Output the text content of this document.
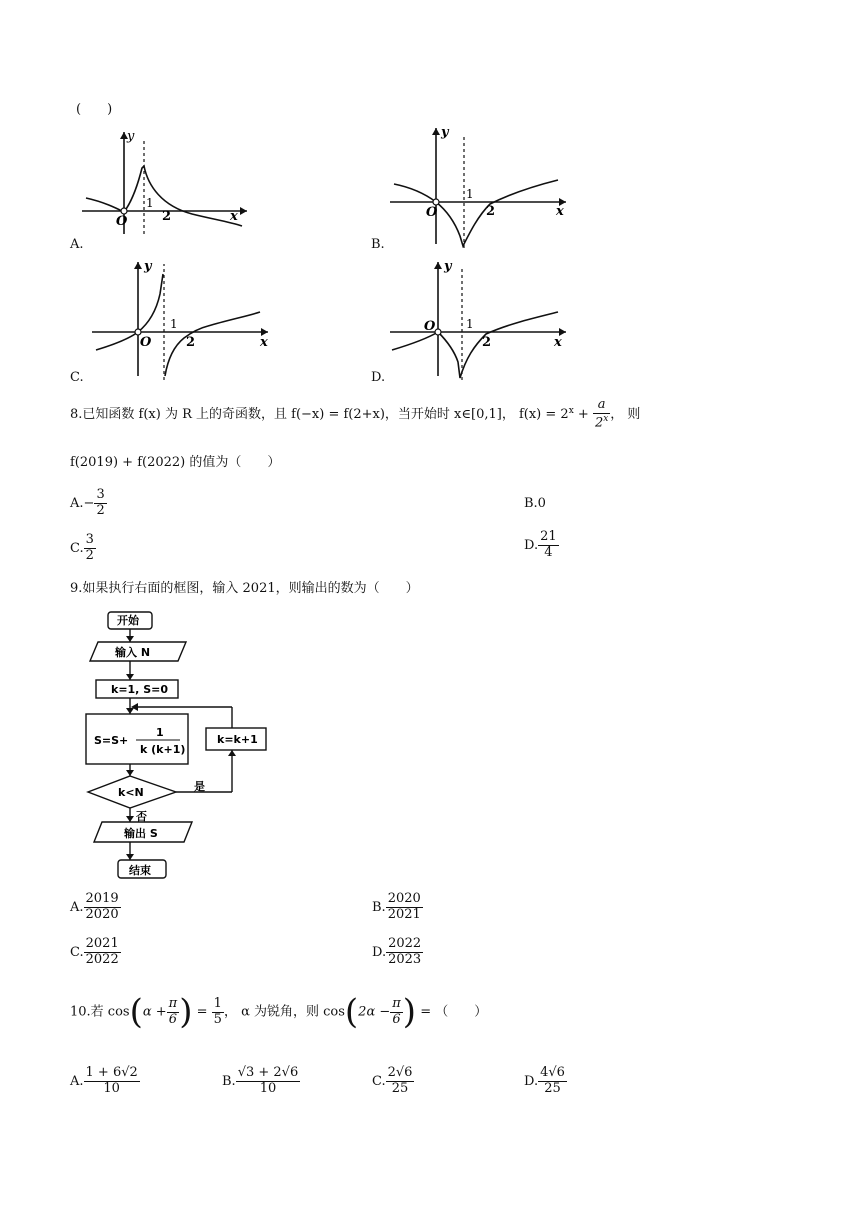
(　　)
y
O
1
2	x
A.
y
O
1
2	x
B.
y
O
1
2	x
C.
y
O	1
2	x
D.
8.已知函数 f(x) 为 R 上的奇函数，且 f(−x) = f(2+x)，当开始时 x∈[0,1]， $f(x) = 2^x + \frac{a}{2^x}$ ， 则
f(2019) + f(2022) 的值为（　　）
$A.- \frac{3}{2}$	B.0
C. $\frac{3}{2}$	D. $\frac{21}{4}$
9.如果执行右面的框图，输入 2021，则输出的数为（　　）
开始
输入 N
k=1, S=0
S=S+
1
k (k+1)
k=k+1
k<N	是
否
输出 S
结束
A. $\frac{2019}{2020}$	B. $\frac{2020}{2021}$
C. $\frac{2021}{2022}$	D. $\frac{2022}{2023}$
10.若 $\cos(\alpha + \frac{\pi}{6}$ ) = $\frac{1}{5}$ ， α 为锐角，则 $\cos(2\alpha - \frac{\pi}{6}$ ) = （　　）
A. $\frac{1 + 6√2}{10}$	B. $\frac{√3 + 2√6}{10}$	C. $\frac{2√6}{25}$	D. $\frac{4√6}{25}$
